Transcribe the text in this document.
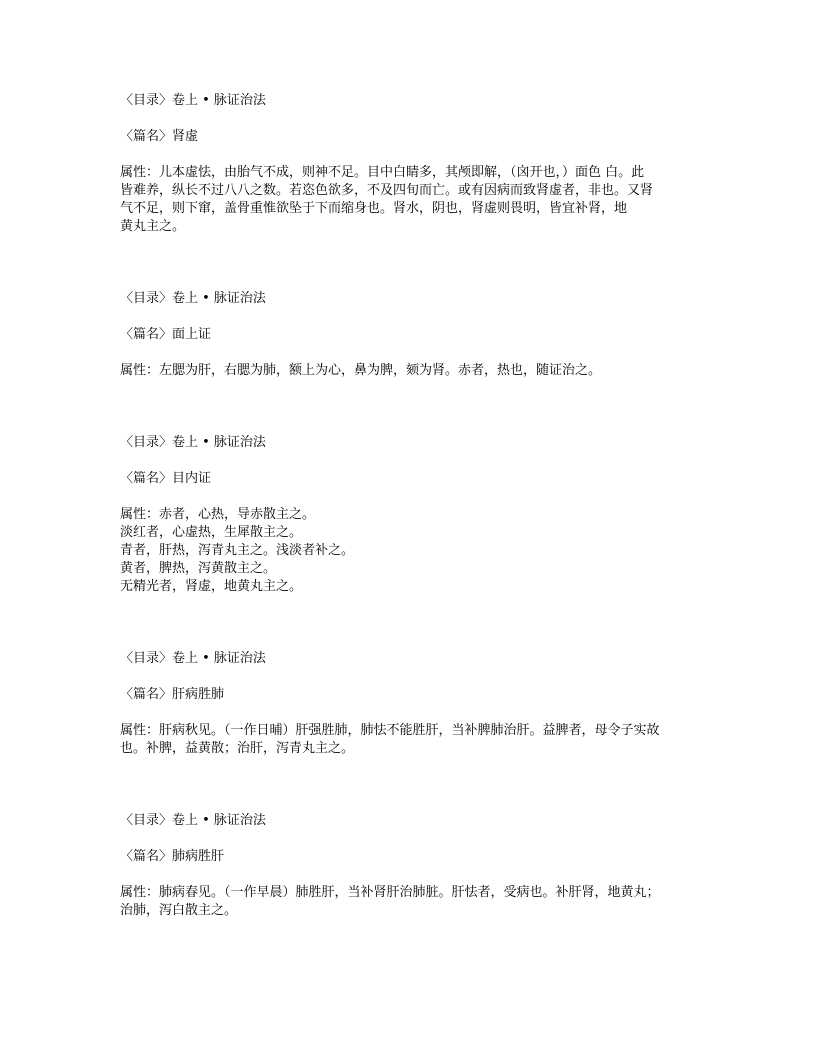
〈目录〉卷上 • 脉证治法

〈篇名〉肾虚

属性：儿本虚怯，由胎气不成，则神不足。目中白睛多，其颅即解，（囟开也，）面色 白。此

皆难养，纵长不过八八之数。若恣色欲多，不及四旬而亡。或有因病而致肾虚者，非也。又肾

气不足，则下窜，盖骨重惟欲坠于下而缩身也。肾水，阴也，肾虚则畏明，皆宜补肾，地

黄丸主之。

〈目录〉卷上 • 脉证治法

〈篇名〉面上证

属性：左腮为肝，右腮为肺，额上为心，鼻为脾，颏为肾。赤者，热也，随证治之。

〈目录〉卷上 • 脉证治法

〈篇名〉目内证

属性：赤者，心热，导赤散主之。

淡红者，心虚热，生犀散主之。

青者，肝热，泻青丸主之。浅淡者补之。

黄者，脾热，泻黄散主之。

无精光者，肾虚，地黄丸主之。

〈目录〉卷上 • 脉证治法

〈篇名〉肝病胜肺

属性：肝病秋见。（一作日晡）肝强胜肺，肺怯不能胜肝，当补脾肺治肝。益脾者，母令子实故

也。补脾，益黄散；治肝，泻青丸主之。

〈目录〉卷上 • 脉证治法

〈篇名〉肺病胜肝

属性：肺病春见。（一作早晨）肺胜肝，当补肾肝治肺脏。肝怯者，受病也。补肝肾，地黄丸；

治肺，泻白散主之。
